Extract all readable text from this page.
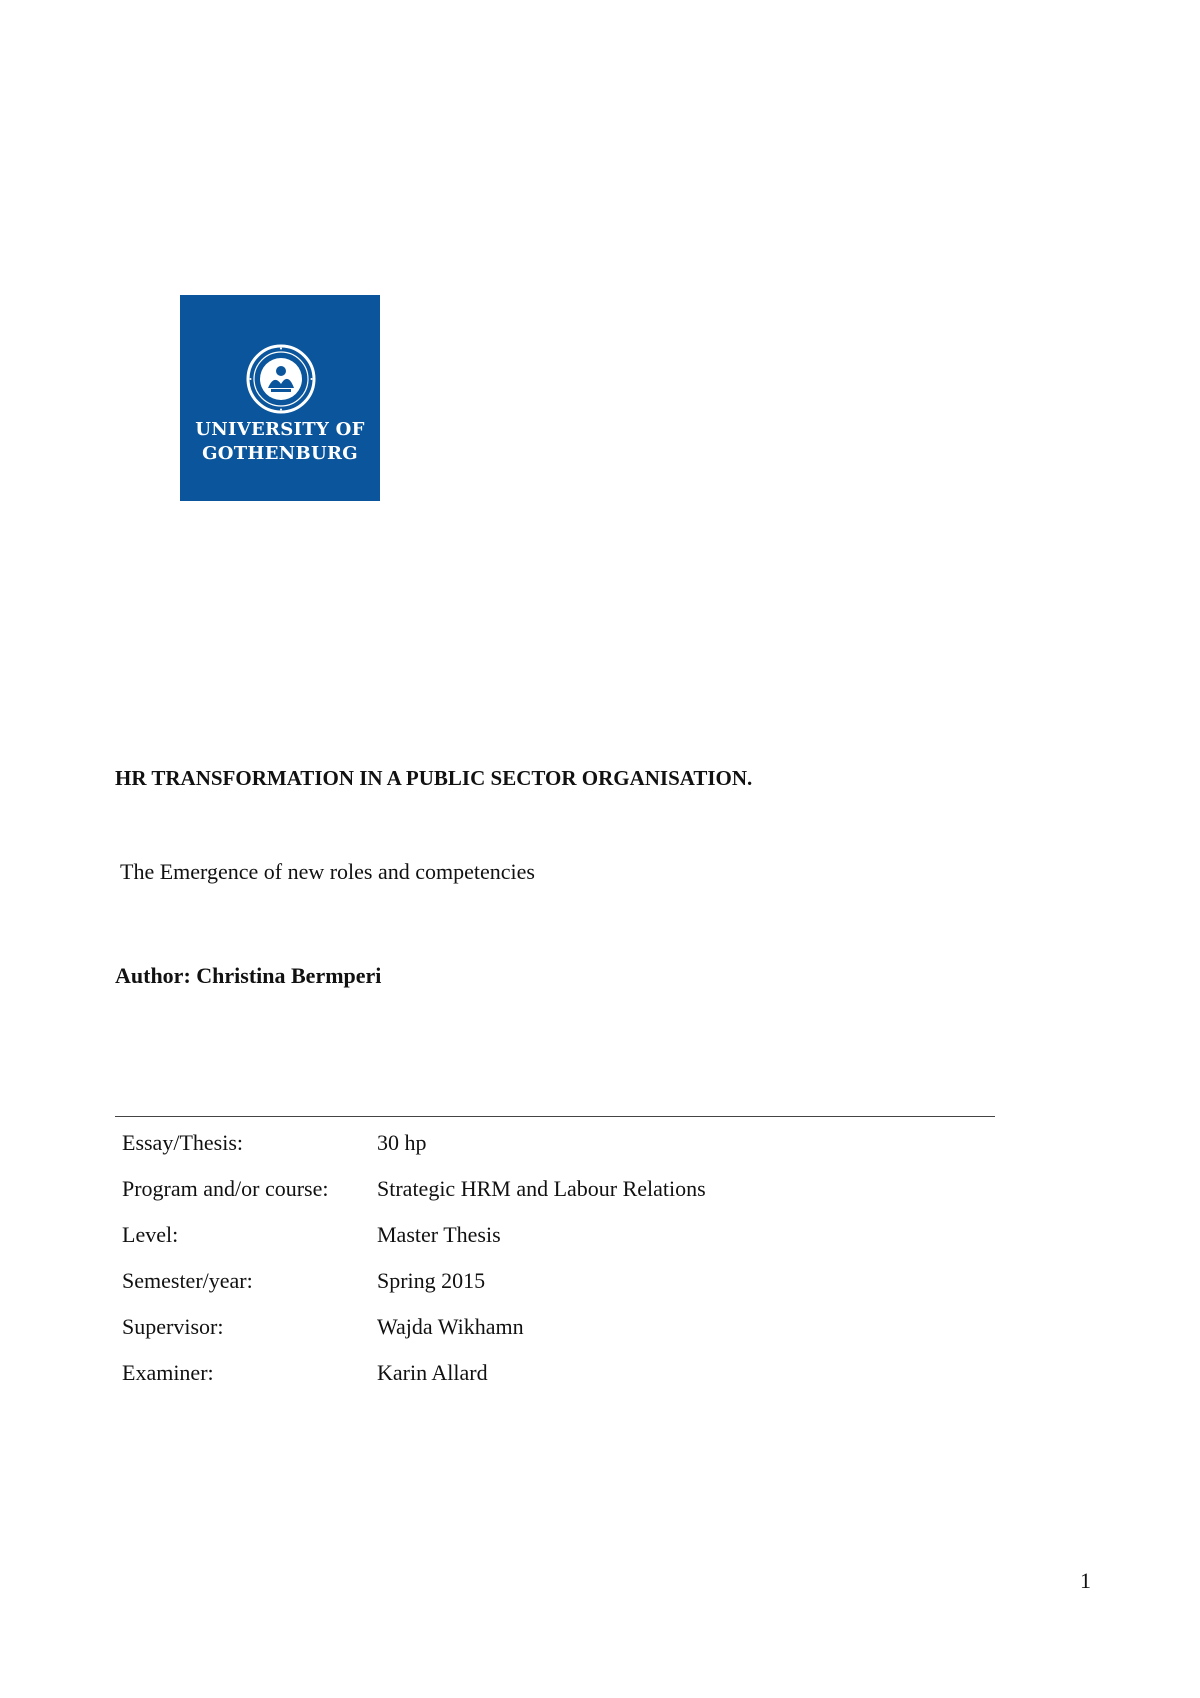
UNIVERSITY OF
GOTHENBURG
HR TRANSFORMATION IN A PUBLIC SECTOR ORGANISATION.
The Emergence of new roles and competencies
Author: Christina Bermperi
Essay/Thesis:	30 hp
Program and/or course: Strategic HRM and Labour Relations
Level:	Master Thesis
Semester/year:	Spring 2015
Supervisor:	Wajda Wikhamn
Examiner:	Karin Allard
1
